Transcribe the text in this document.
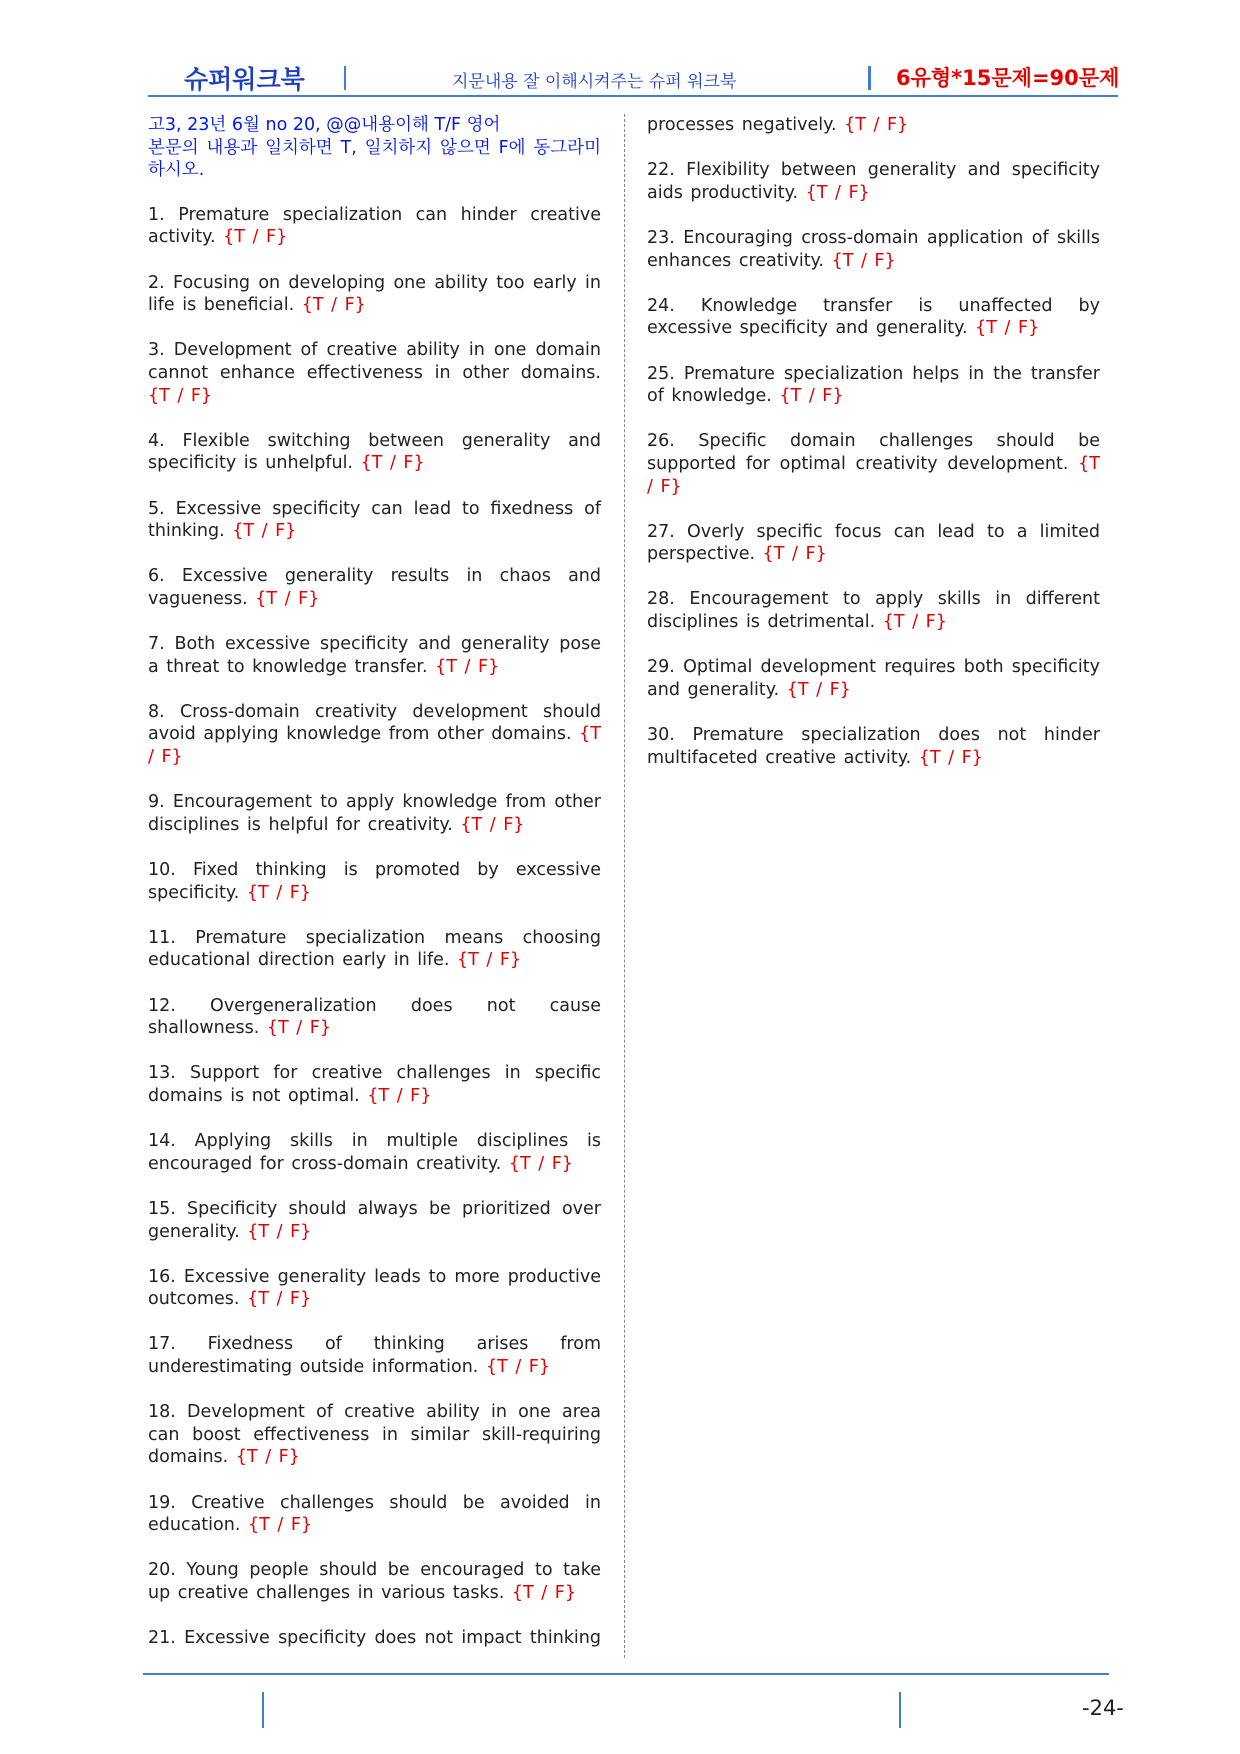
슈퍼워크북	지문내용 잘 이해시켜주는 슈퍼 워크북	6유형*15문제=90문제
고3, 23년 6월 no 20, @@내용이해 T/F 영어
본문의 내용과 일치하면 T, 일치하지 않으면 F에 동그라미 하시오.
1. Premature specialization can hinder creative activity. {T / F}
2. Focusing on developing one ability too early in life is beneficial. {T / F}
3. Development of creative ability in one domain cannot enhance effectiveness in other domains. {T / F}
4. Flexible switching between generality and specificity is unhelpful. {T / F}
5. Excessive specificity can lead to fixedness of thinking. {T / F}
6. Excessive generality results in chaos and vagueness. {T / F}
7. Both excessive specificity and generality pose a threat to knowledge transfer. {T / F}
8. Cross-domain creativity development should avoid applying knowledge from other domains. {T / F}
9. Encouragement to apply knowledge from other disciplines is helpful for creativity. {T / F}
10. Fixed thinking is promoted by excessive specificity. {T / F}
11. Premature specialization means choosing educational direction early in life. {T / F}
12. Overgeneralization does not cause shallowness. {T / F}
13. Support for creative challenges in specific domains is not optimal. {T / F}
14. Applying skills in multiple disciplines is encouraged for cross-domain creativity. {T / F}
15. Specificity should always be prioritized over generality. {T / F}
16. Excessive generality leads to more productive outcomes. {T / F}
17. Fixedness of thinking arises from underestimating outside information. {T / F}
18. Development of creative ability in one area can boost effectiveness in similar skill-requiring domains. {T / F}
19. Creative challenges should be avoided in education. {T / F}
20. Young people should be encouraged to take up creative challenges in various tasks. {T / F}
21. Excessive specificity does not impact thinking
processes negatively. {T / F}
22. Flexibility between generality and specificity aids productivity. {T / F}
23. Encouraging cross-domain application of skills enhances creativity. {T / F}
24. Knowledge transfer is unaffected by excessive specificity and generality. {T / F}
25. Premature specialization helps in the transfer of knowledge. {T / F}
26. Specific domain challenges should be supported for optimal creativity development. {T / F}
27. Overly specific focus can lead to a limited perspective. {T / F}
28. Encouragement to apply skills in different disciplines is detrimental. {T / F}
29. Optimal development requires both specificity and generality. {T / F}
30. Premature specialization does not hinder multifaceted creative activity. {T / F}
-24-
